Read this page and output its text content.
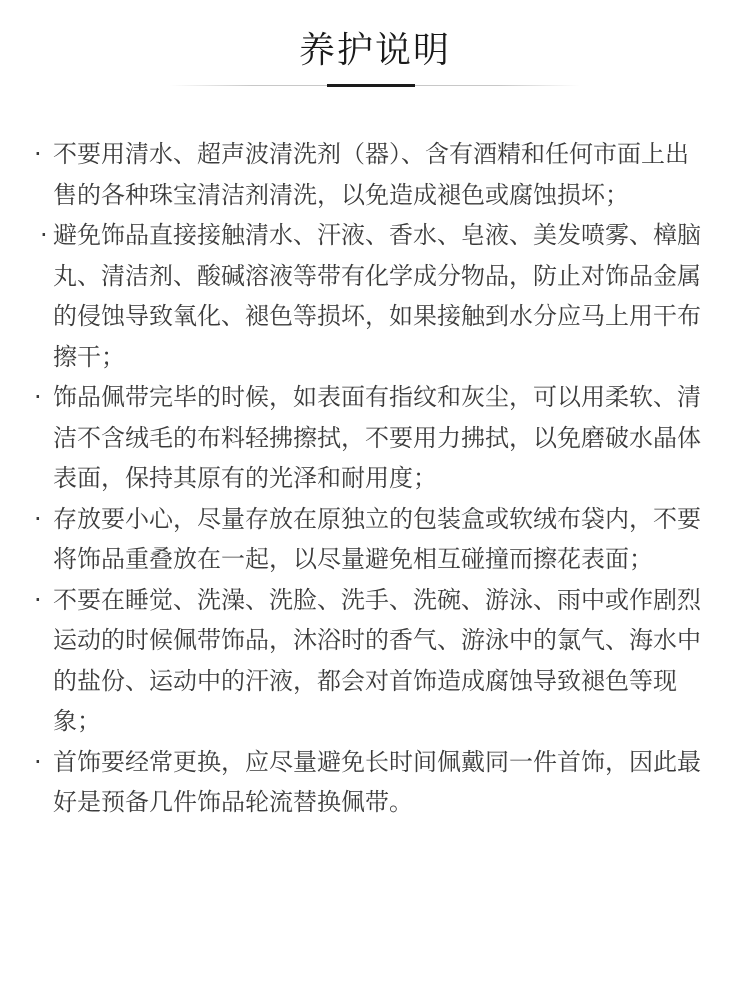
养护说明
· 不要用清水、超声波清洗剂（器）、含有酒精和任何市面上出售的各种珠宝清洁剂清洗，以免造成褪色或腐蚀损坏；
· 避免饰品直接接触清水、汗液、香水、皂液、美发喷雾、樟脑丸、清洁剂、酸碱溶液等带有化学成分物品，防止对饰品金属的侵蚀导致氧化、褪色等损坏，如果接触到水分应马上用干布擦干；
· 饰品佩带完毕的时候，如表面有指纹和灰尘，可以用柔软、清洁不含绒毛的布料轻拂擦拭，不要用力拂拭，以免磨破水晶体表面，保持其原有的光泽和耐用度；
· 存放要小心，尽量存放在原独立的包装盒或软绒布袋内，不要将饰品重叠放在一起，以尽量避免相互碰撞而擦花表面；
· 不要在睡觉、洗澡、洗脸、洗手、洗碗、游泳、雨中或作剧烈运动的时候佩带饰品，沐浴时的香气、游泳中的氯气、海水中的盐份、运动中的汗液，都会对首饰造成腐蚀导致褪色等现象；
· 首饰要经常更换，应尽量避免长时间佩戴同一件首饰，因此最好是预备几件饰品轮流替换佩带。
